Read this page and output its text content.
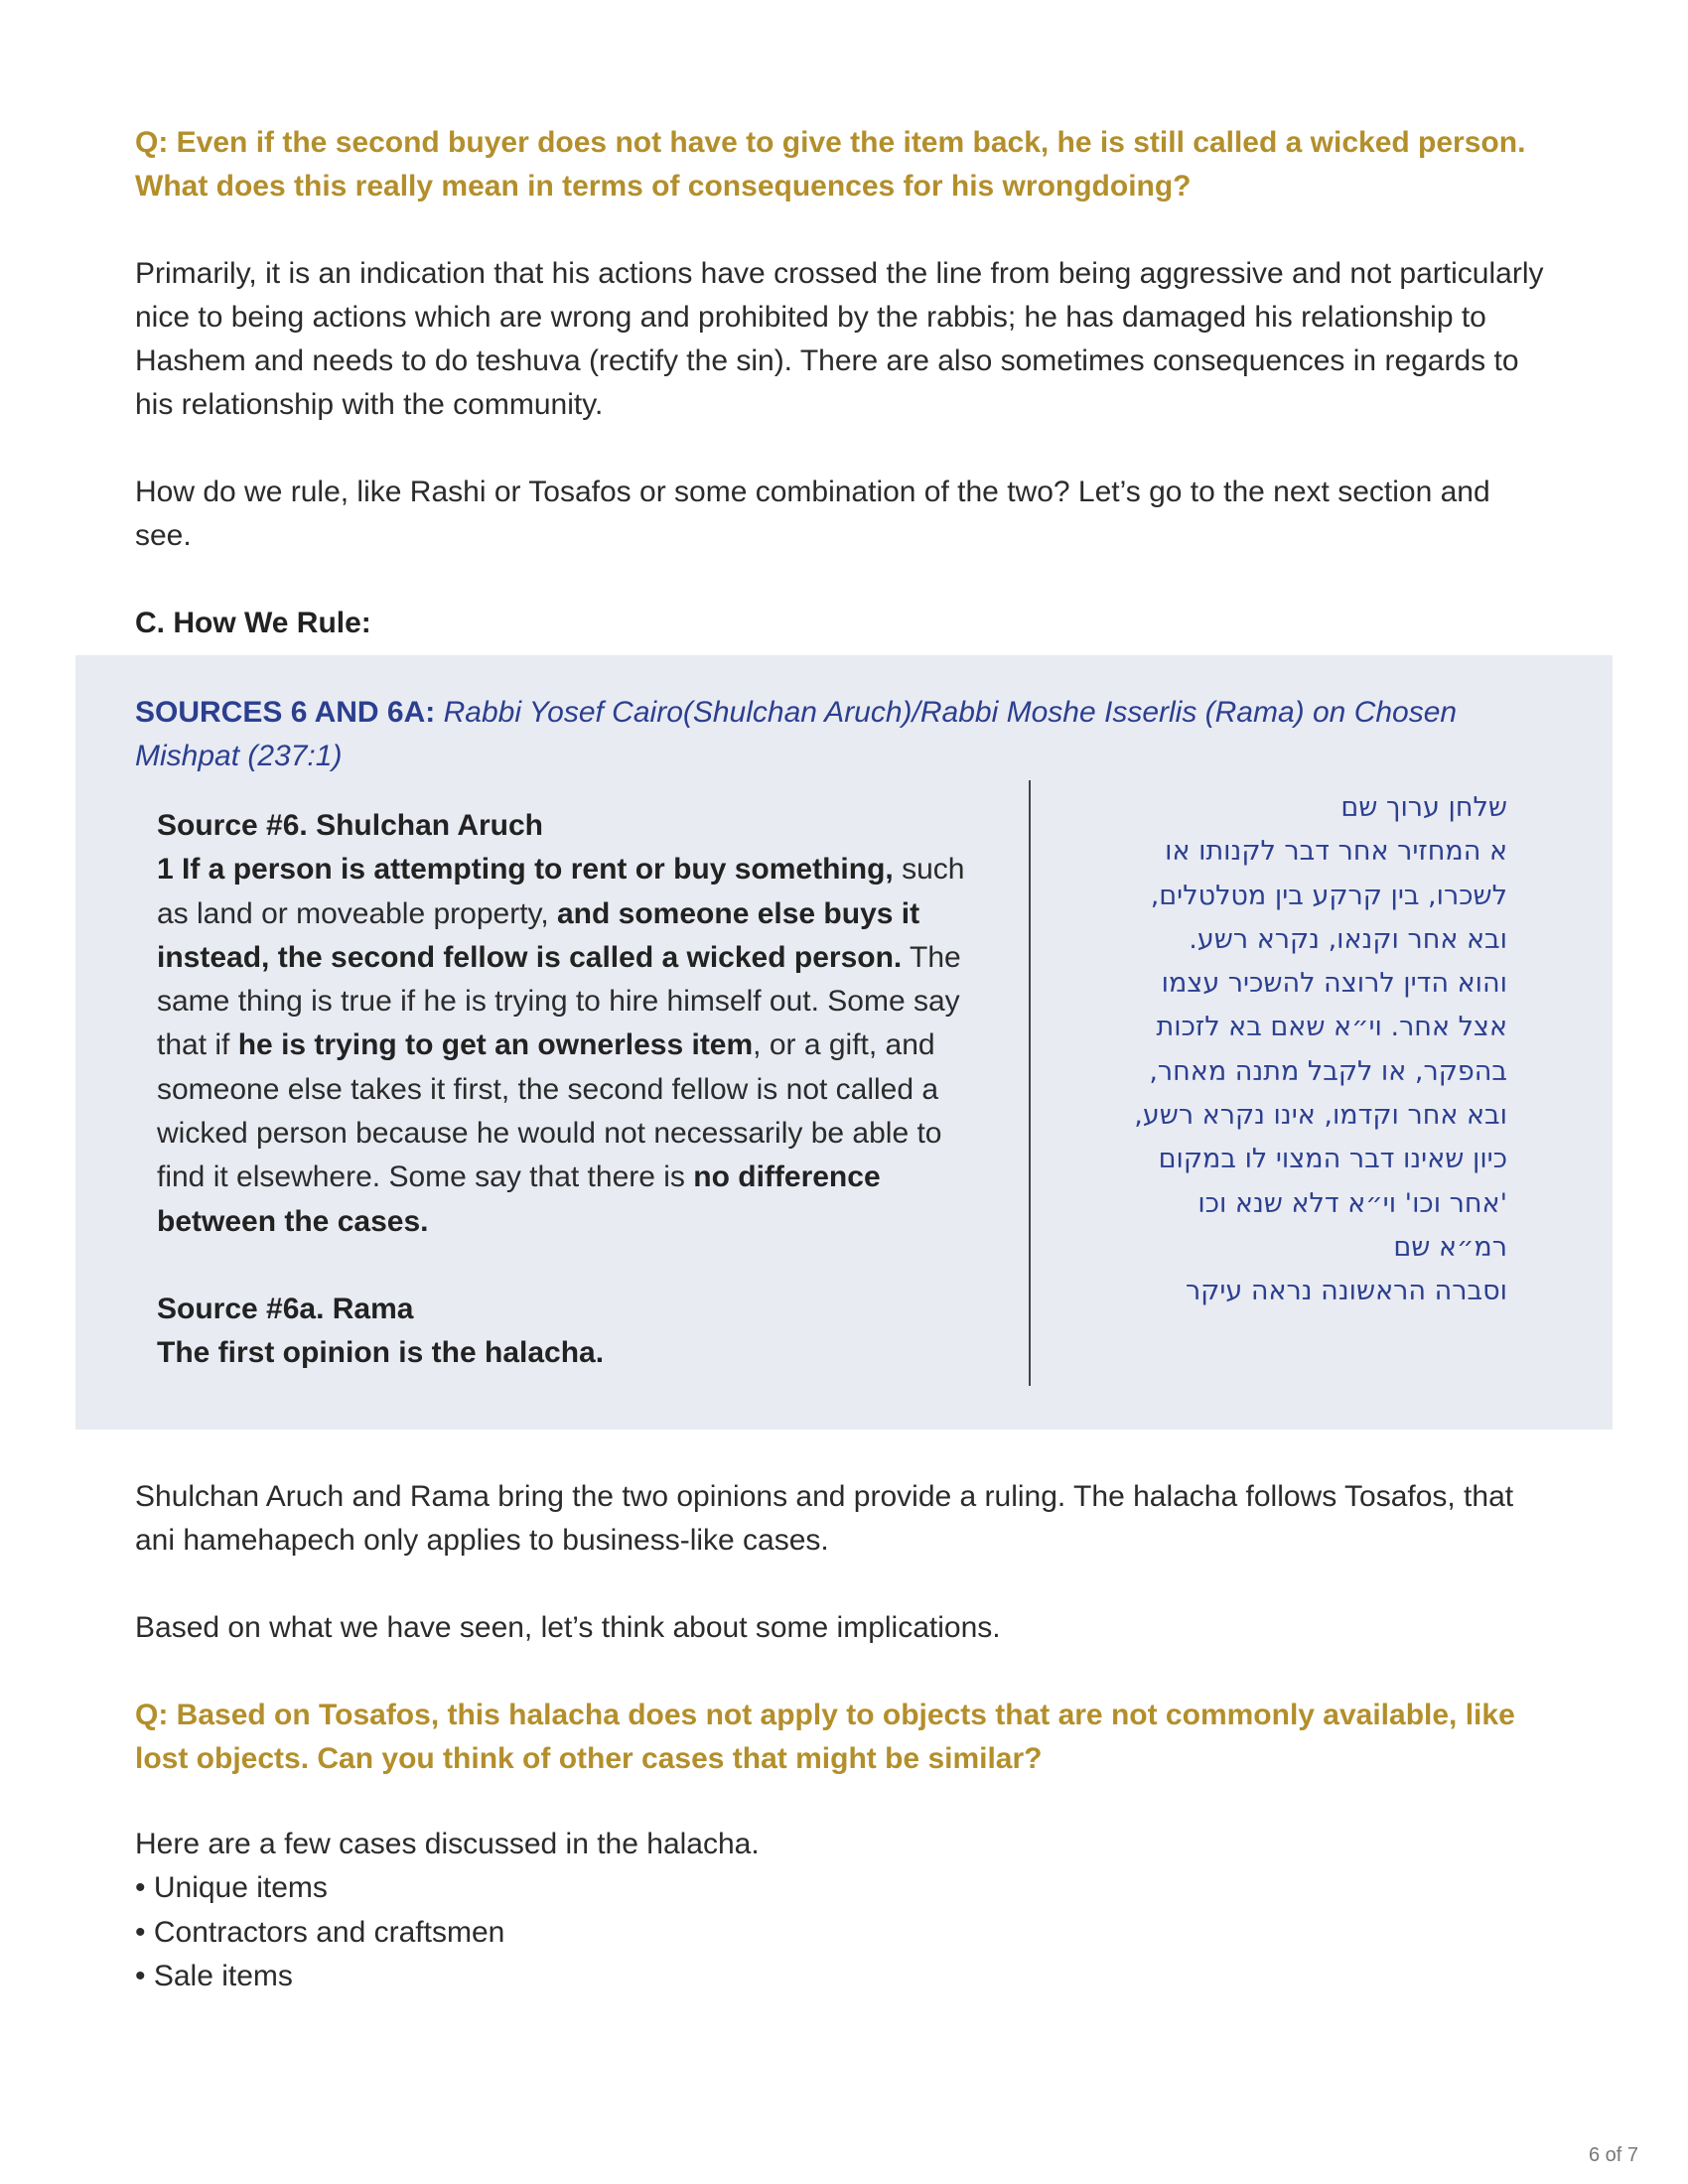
Q: Even if the second buyer does not have to give the item back, he is still called a wicked person. What does this really mean in terms of consequences for his wrongdoing?
Primarily, it is an indication that his actions have crossed the line from being aggressive and not particularly nice to being actions which are wrong and prohibited by the rabbis; he has damaged his relationship to Hashem and needs to do teshuva (rectify the sin). There are also sometimes consequences in regards to his relationship with the community.
How do we rule, like Rashi or Tosafos or some combination of the two? Let’s go to the next section and see.
C. How We Rule:
SOURCES 6 AND 6A: Rabbi Yosef Cairo(Shulchan Aruch)/Rabbi Moshe Isserlis (Rama) on Chosen Mishpat (237:1)
Source #6. Shulchan Aruch
1 If a person is attempting to rent or buy something, such as land or moveable property, and someone else buys it instead, the second fellow is called a wicked person. The same thing is true if he is trying to hire himself out. Some say that if he is trying to get an ownerless item, or a gift, and someone else takes it first, the second fellow is not called a wicked person because he would not necessarily be able to find it elsewhere. Some say that there is no difference between the cases.
Source #6a. Rama
The first opinion is the halacha.
שלחן ערוך שם
א המחזיר אחר דבר לקנותו או
לשכרו, בין קרקע בין מטלטלים,
ובא אחר וקנאו, נקרא רשע.
והוא הדין לרוצה להשכיר עצמו
אצל אחר. וי״א שאם בא לזכות
בהפקר, או לקבל מתנה מאחר,
ובא אחר וקדמו, אינו נקרא רשע,
כיון שאינו דבר המצוי לו במקום
'אחר וכו' וי״א דלא שנא וכו
רמ״א שם
וסברה הראשונה נראה עיקר
Shulchan Aruch and Rama bring the two opinions and provide a ruling. The halacha follows Tosafos, that ani hamehapech only applies to business-like cases.
Based on what we have seen, let’s think about some implications.
Q: Based on Tosafos, this halacha does not apply to objects that are not commonly available, like lost objects. Can you think of other cases that might be similar?
Here are a few cases discussed in the halacha.
• Unique items
• Contractors and craftsmen
• Sale items
6 of 7
